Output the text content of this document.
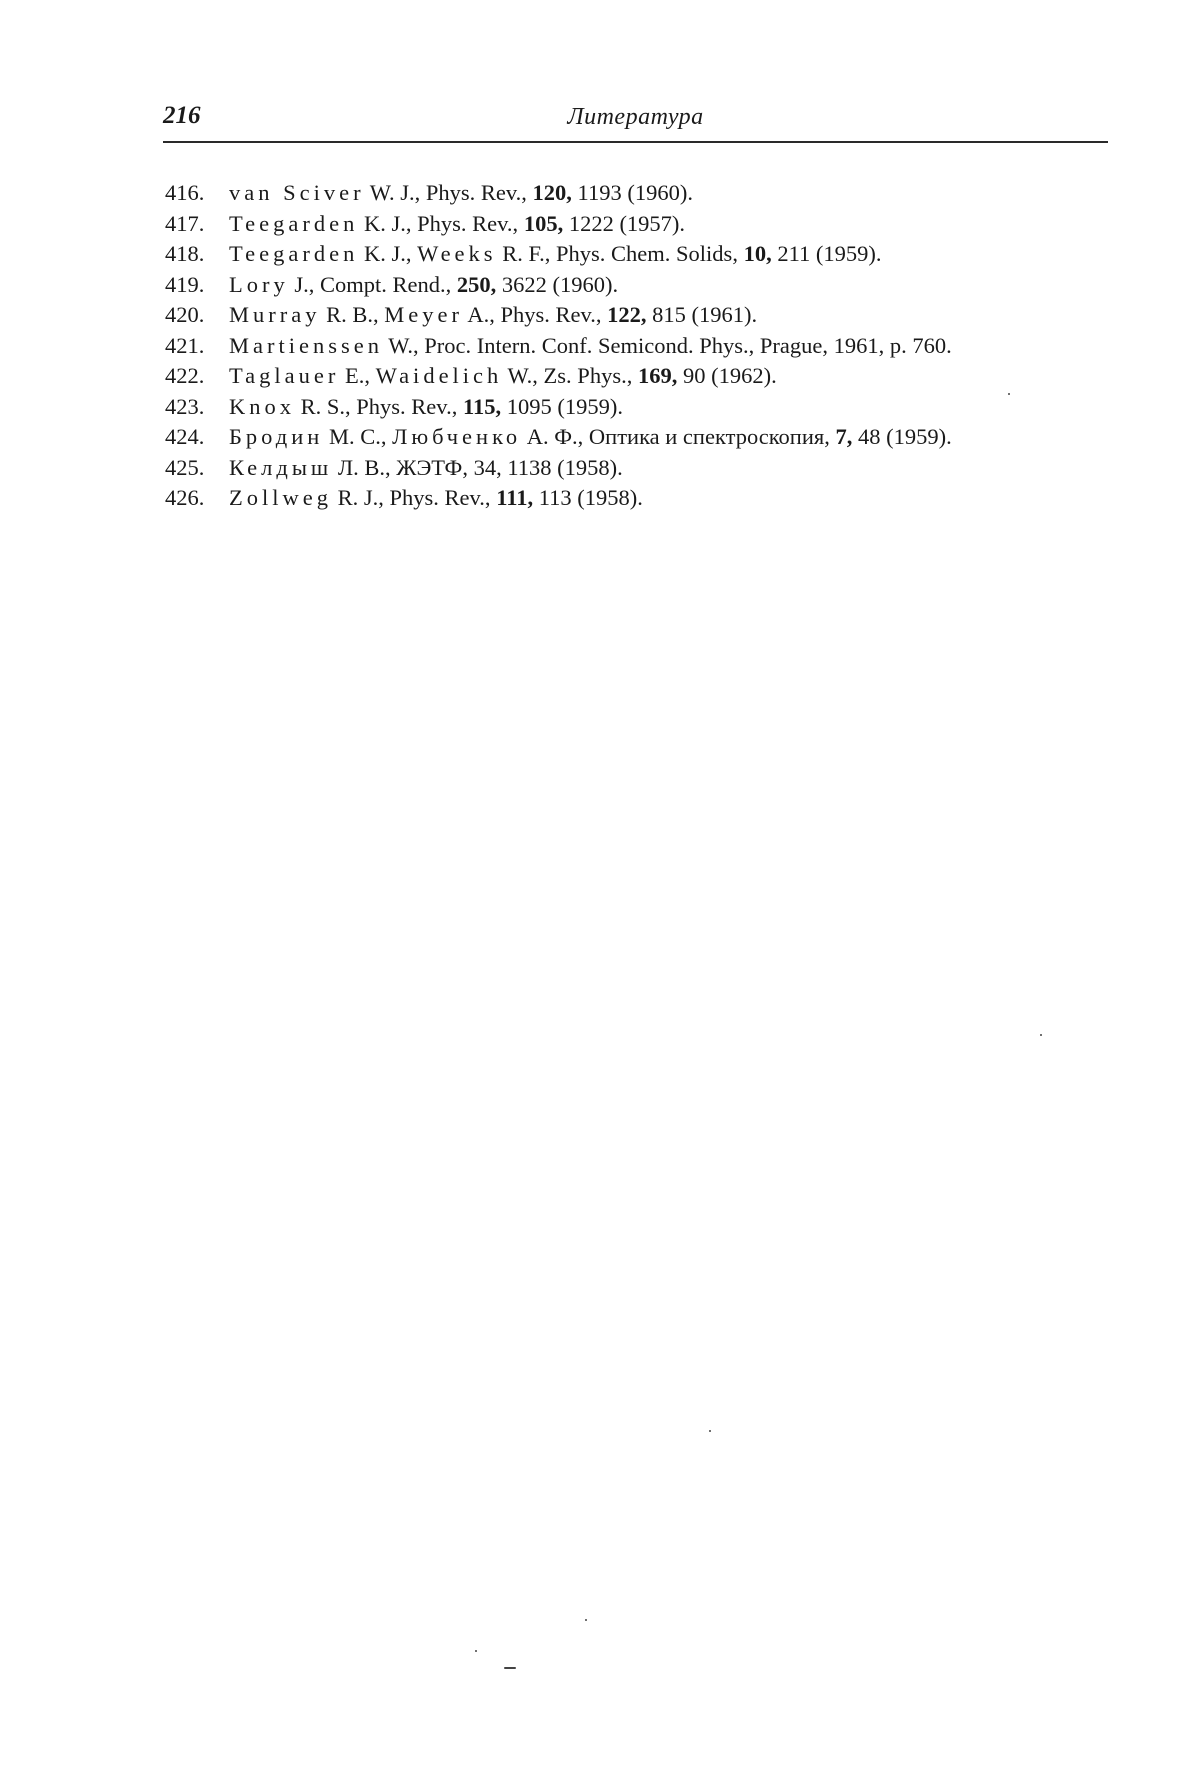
216	Литература
416. van Sciver W. J., Phys. Rev., 120, 1193 (1960).
417. Teegarden K. J., Phys. Rev., 105, 1222 (1957).
418. Teegarden K. J., Weeks R. F., Phys. Chem. Solids, 10, 211 (1959).
419. Lory J., Compt. Rend., 250, 3622 (1960).
420. Murray R. B., Meyer A., Phys. Rev., 122, 815 (1961).
421. Martienssen W., Proc. Intern. Conf. Semicond. Phys., Prague, 1961, p. 760.
422. Taglauer E., Waidelich W., Zs. Phys., 169, 90 (1962).
423. Knox R. S., Phys. Rev., 115, 1095 (1959).
424. Бродин М. С., Любченко А. Ф., Оптика и спектроскопия, 7, 48 (1959).
425. Келдыш Л. В., ЖЭТФ, 34, 1138 (1958).
426. Zollweg R. J., Phys. Rev., 111, 113 (1958).
